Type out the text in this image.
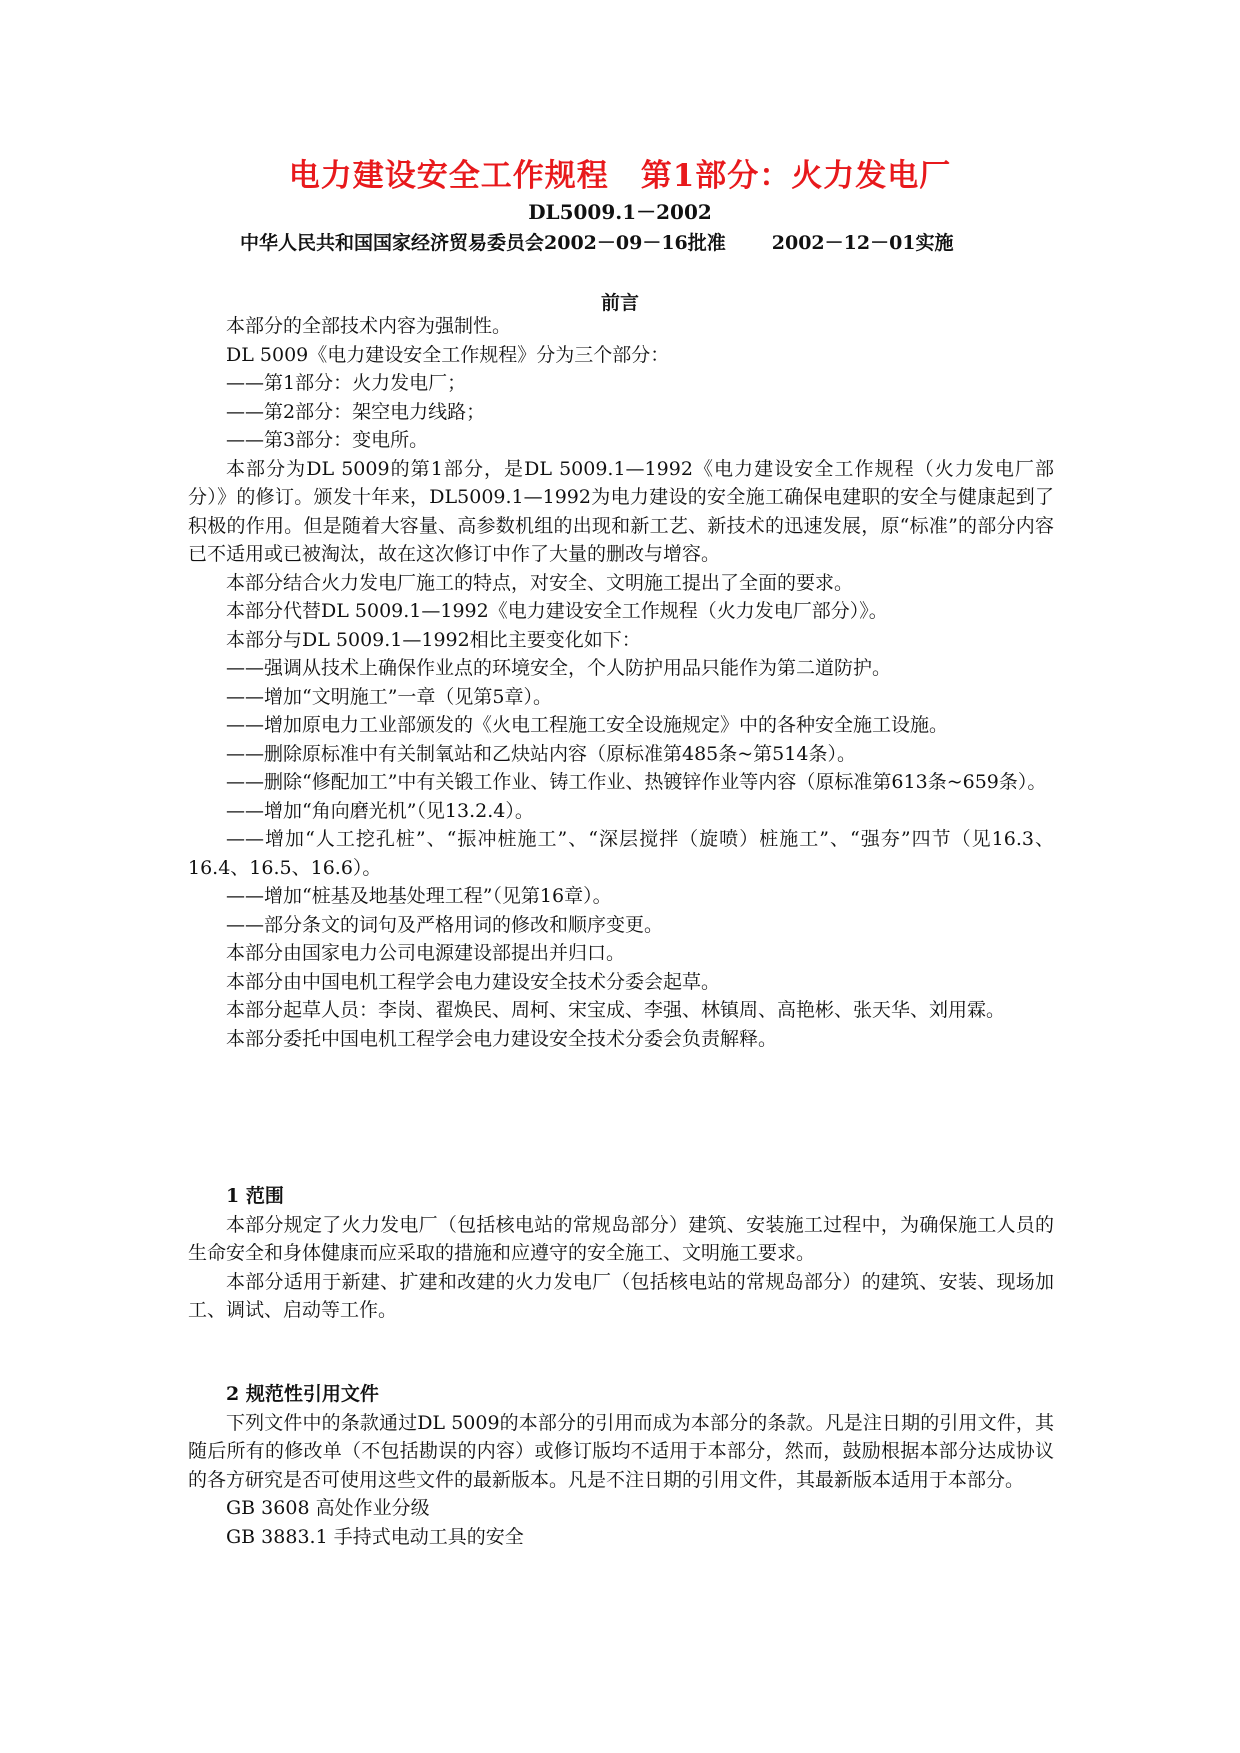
电力建设安全工作规程　第1部分：火力发电厂
DL5009.1－2002
中华人民共和国国家经济贸易委员会2002－09－16批准 2002－12－01实施
前言

本部分的全部技术内容为强制性。

DL 5009《电力建设安全工作规程》分为三个部分：

——第1部分：火力发电厂；

——第2部分：架空电力线路；

——第3部分：变电所。

本部分为DL 5009的第1部分，是DL 5009.1—1992《电力建设安全工作规程（火力发电厂部分）》的修订。颁发十年来，DL5009.1—1992为电力建设的安全施工确保电建职的安全与健康起到了积极的作用。但是随着大容量、高参数机组的出现和新工艺、新技术的迅速发展，原“标准”的部分内容已不适用或已被淘汰，故在这次修订中作了大量的删改与增容。

本部分结合火力发电厂施工的特点，对安全、文明施工提出了全面的要求。

本部分代替DL 5009.1—1992《电力建设安全工作规程（火力发电厂部分）》。

本部分与DL 5009.1—1992相比主要变化如下：

——强调从技术上确保作业点的环境安全，个人防护用品只能作为第二道防护。

——增加“文明施工”一章（见第5章）。

——增加原电力工业部颁发的《火电工程施工安全设施规定》中的各种安全施工设施。

——删除原标准中有关制氧站和乙炔站内容（原标准第485条~第514条）。

——删除“修配加工”中有关锻工作业、铸工作业、热镀锌作业等内容（原标准第613条~659条）。

——增加“角向磨光机”（见13.2.4）。

——增加“人工挖孔桩”、“振冲桩施工”、“深层搅拌（旋喷）桩施工”、“强夯”四节（见16.3、16.4、16.5、16.6）。

——增加“桩基及地基处理工程”（见第16章）。

——部分条文的词句及严格用词的修改和顺序变更。

本部分由国家电力公司电源建设部提出并归口。

本部分由中国电机工程学会电力建设安全技术分委会起草。

本部分起草人员：李岗、翟焕民、周柯、宋宝成、李强、林镇周、高艳彬、张天华、刘用霖。

本部分委托中国电机工程学会电力建设安全技术分委会负责解释。

1 范围

本部分规定了火力发电厂（包括核电站的常规岛部分）建筑、安装施工过程中，为确保施工人员的生命安全和身体健康而应采取的措施和应遵守的安全施工、文明施工要求。

本部分适用于新建、扩建和改建的火力发电厂（包括核电站的常规岛部分）的建筑、安装、现场加工、调试、启动等工作。

2 规范性引用文件

下列文件中的条款通过DL 5009的本部分的引用而成为本部分的条款。凡是注日期的引用文件，其随后所有的修改单（不包括勘误的内容）或修订版均不适用于本部分，然而，鼓励根据本部分达成协议的各方研究是否可使用这些文件的最新版本。凡是不注日期的引用文件，其最新版本适用于本部分。

GB 3608 高处作业分级

GB 3883.1 手持式电动工具的安全
